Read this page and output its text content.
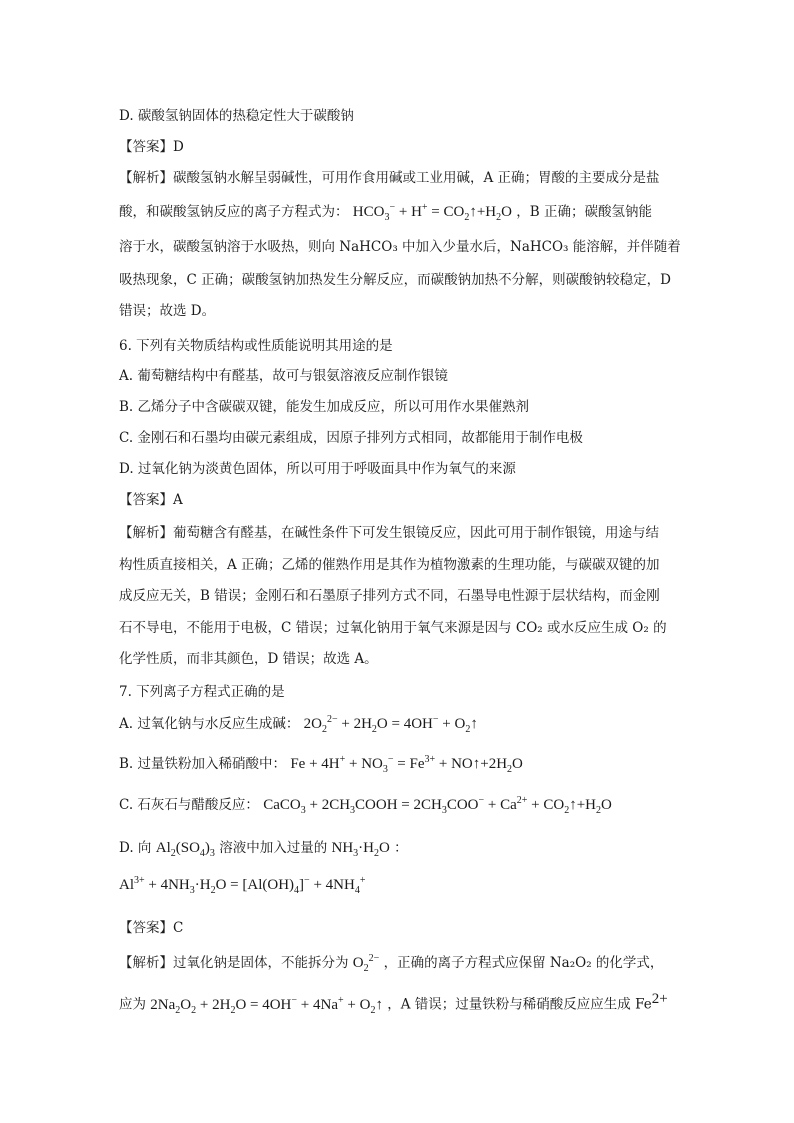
D. 碳酸氢钠固体的热稳定性大于碳酸钠
【答案】D
【解析】碳酸氢钠水解呈弱碱性，可用作食用碱或工业用碱，A 正确；胃酸的主要成分是盐
酸，和碳酸氢钠反应的离子方程式为： $HCO_3^- + H^+$ = $CO_2↑+H_2O$ ，B 正确；碳酸氢钠能
溶于水，碳酸氢钠溶于水吸热，则向 NaHCO₃ 中加入少量水后，NaHCO₃ 能溶解，并伴随着
吸热现象，C 正确；碳酸氢钠加热发生分解反应，而碳酸钠加热不分解，则碳酸钠较稳定，D
错误；故选 D。
6. 下列有关物质结构或性质能说明其用途的是
A. 葡萄糖结构中有醛基，故可与银氨溶液反应制作银镜
B. 乙烯分子中含碳碳双键，能发生加成反应，所以可用作水果催熟剂
C. 金刚石和石墨均由碳元素组成，因原子排列方式相同，故都能用于制作电极
D. 过氧化钠为淡黄色固体，所以可用于呼吸面具中作为氧气的来源
【答案】A
【解析】葡萄糖含有醛基，在碱性条件下可发生银镜反应，因此可用于制作银镜，用途与结
构性质直接相关，A 正确；乙烯的催熟作用是其作为植物激素的生理功能，与碳碳双键的加
成反应无关，B 错误；金刚石和石墨原子排列方式不同，石墨导电性源于层状结构，而金刚
石不导电，不能用于电极，C 错误；过氧化钠用于氧气来源是因与 CO₂ 或水反应生成 O₂ 的
化学性质，而非其颜色，D 错误；故选 A。
7. 下列离子方程式正确的是
A. 过氧化钠与水反应生成碱： $2O_2^{2-} + 2H_2O = 4OH^-$ + $O_2↑$
B. 过量铁粉加入稀硝酸中： $Fe + 4H^+ + NO_3^- = Fe^{3+}$ + $NO↑+2H_2O$
C. 石灰石与醋酸反应： CaCO$_3$ + $2CH_3COOH = 2CH_3COO^- + Ca^{2+}$ + $CO_2↑+H_2O$
D. 向 $Al_2(SO_4)_3$ 溶液中加入过量的 $NH_3\cdot H_2O$ ：
$Al^{3+} + 4NH_3\cdot H_2O = [Al(OH)_4]^- + 4NH_4^+$
【答案】C
【解析】过氧化钠是固体，不能拆分为 $O_2^{2-}$ ，正确的离子方程式应保留 Na₂O₂ 的化学式，
应为 $2Na_2O_2 + 2H_2O = 4OH^- + 4Na^+$ + $O_2↑$ ，A 错误；过量铁粉与稀硝酸反应应生成 $Fe^{2+}$
